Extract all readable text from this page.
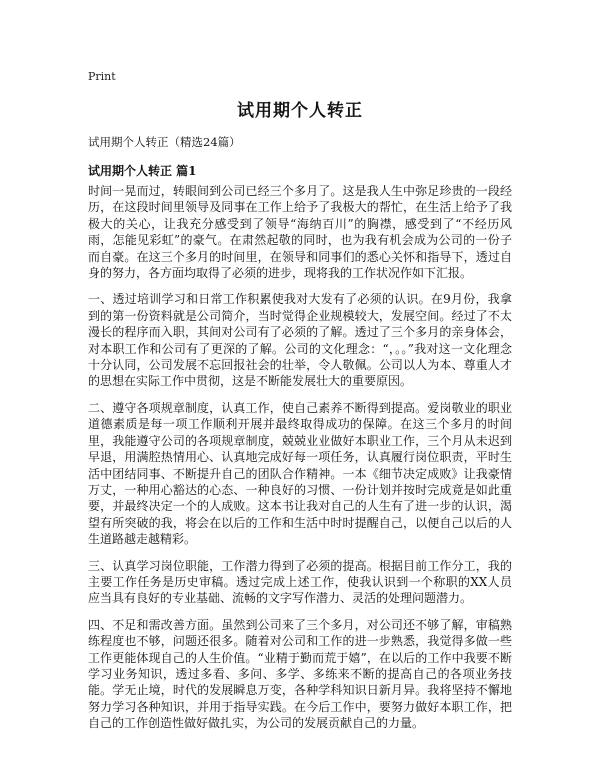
Print
试用期个人转正
试用期个人转正（精选24篇）
试用期个人转正 篇1

时间一晃而过，转眼间到公司已经三个多月了。这是我人生中弥足珍贵的一段经历，在这段时间里领导及同事在工作上给予了我极大的帮忙，在生活上给予了我极大的关心，让我充分感受到了领导“海纳百川”的胸襟，感受到了“不经历风雨，怎能见彩虹”的豪气。在肃然起敬的同时，也为我有机会成为公司的一份子而自豪。在这三个多月的时间里，在领导和同事们的悉心关怀和指导下，透过自身的努力，各方面均取得了必须的进步，现将我的工作状况作如下汇报。

一、透过培训学习和日常工作积累使我对大发有了必须的认识。在9月份，我拿到的第一份资料就是公司简介，当时觉得企业规模较大，发展空间。经过了不太漫长的程序而入职，其间对公司有了必须的了解。透过了三个多月的亲身体会，对本职工作和公司有了更深的了解。公司的文化理念：“，。。”我对这一文化理念十分认同，公司发展不忘回报社会的壮举，令人敬佩。公司以人为本、尊重人才的思想在实际工作中贯彻，这是不断能发展壮大的重要原因。

二、遵守各项规章制度，认真工作，使自己素养不断得到提高。爱岗敬业的职业道德素质是每一项工作顺利开展并最终取得成功的保障。在这三个多月的时间里，我能遵守公司的各项规章制度，兢兢业业做好本职业工作，三个月从未迟到早退，用满腔热情用心、认真地完成好每一项任务，认真履行岗位职责，平时生活中团结同事、不断提升自己的团队合作精神。一本《细节决定成败》让我豪情万丈，一种用心豁达的心态、一种良好的习惯、一份计划并按时完成竟是如此重要，并最终决定一个的人成败。这本书让我对自己的人生有了进一步的认识，渴望有所突破的我，将会在以后的工作和生活中时时提醒自己，以便自己以后的人生道路越走越精彩。

三、认真学习岗位职能，工作潜力得到了必须的提高。根据目前工作分工，我的主要工作任务是历史审稿。透过完成上述工作，使我认识到一个称职的XX人员应当具有良好的专业基础、流畅的文字写作潜力、灵活的处理问题潜力。

四、不足和需改善方面。虽然到公司来了三个多月，对公司还不够了解，审稿熟练程度也不够，问题还很多。随着对公司和工作的进一步熟悉，我觉得多做一些工作更能体现自己的人生价值。“业精于勤而荒于嬉”，在以后的工作中我要不断学习业务知识，透过多看、多问、多学、多练来不断的提高自己的各项业务技能。学无止境，时代的发展瞬息万变，各种学科知识日新月异。我将坚持不懈地努力学习各种知识，并用于指导实践。在今后工作中，要努力做好本职工作，把自己的工作创造性做好做扎实，为公司的发展贡献自己的力量。
